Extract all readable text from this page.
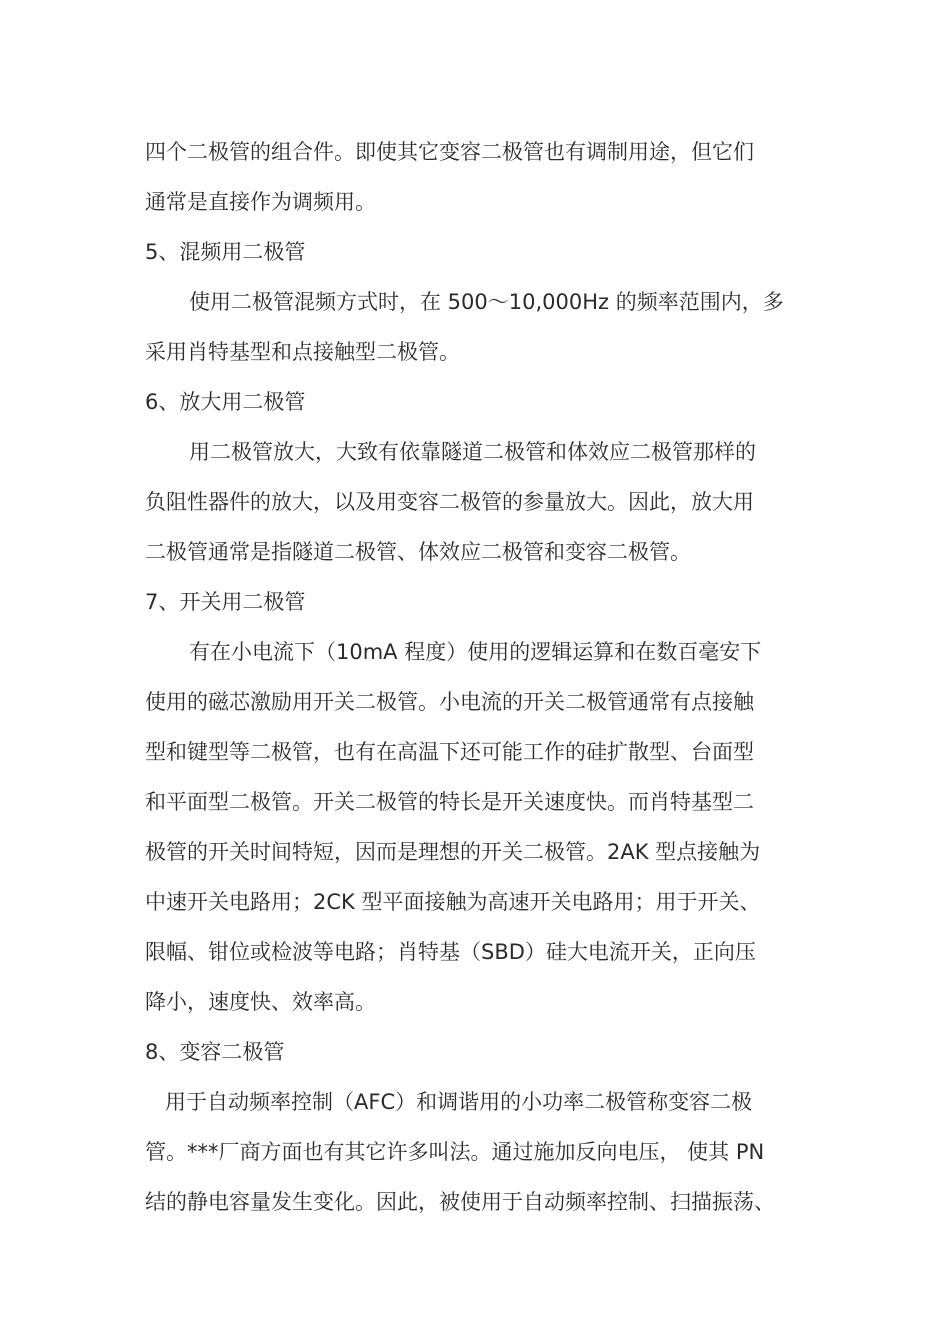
四个二极管的组合件。即使其它变容二极管也有调制用途，但它们
通常是直接作为调频用。
5、混频用二极管
使用二极管混频方式时，在 500～10,000Hz 的频率范围内，多
采用肖特基型和点接触型二极管。
6、放大用二极管
用二极管放大，大致有依靠隧道二极管和体效应二极管那样的
负阻性器件的放大，以及用变容二极管的参量放大。因此，放大用
二极管通常是指隧道二极管、体效应二极管和变容二极管。
7、开关用二极管
有在小电流下（10mA 程度）使用的逻辑运算和在数百毫安下
使用的磁芯激励用开关二极管。小电流的开关二极管通常有点接触
型和键型等二极管，也有在高温下还可能工作的硅扩散型、台面型
和平面型二极管。开关二极管的特长是开关速度快。而肖特基型二
极管的开关时间特短，因而是理想的开关二极管。2AK 型点接触为
中速开关电路用；2CK 型平面接触为高速开关电路用；用于开关、
限幅、钳位或检波等电路；肖特基（SBD）硅大电流开关，正向压
降小，速度快、效率高。
8、变容二极管
用于自动频率控制（AFC）和调谐用的小功率二极管称变容二极
管。***厂商方面也有其它许多叫法。通过施加反向电压， 使其 PN
结的静电容量发生变化。因此，被使用于自动频率控制、扫描振荡、
